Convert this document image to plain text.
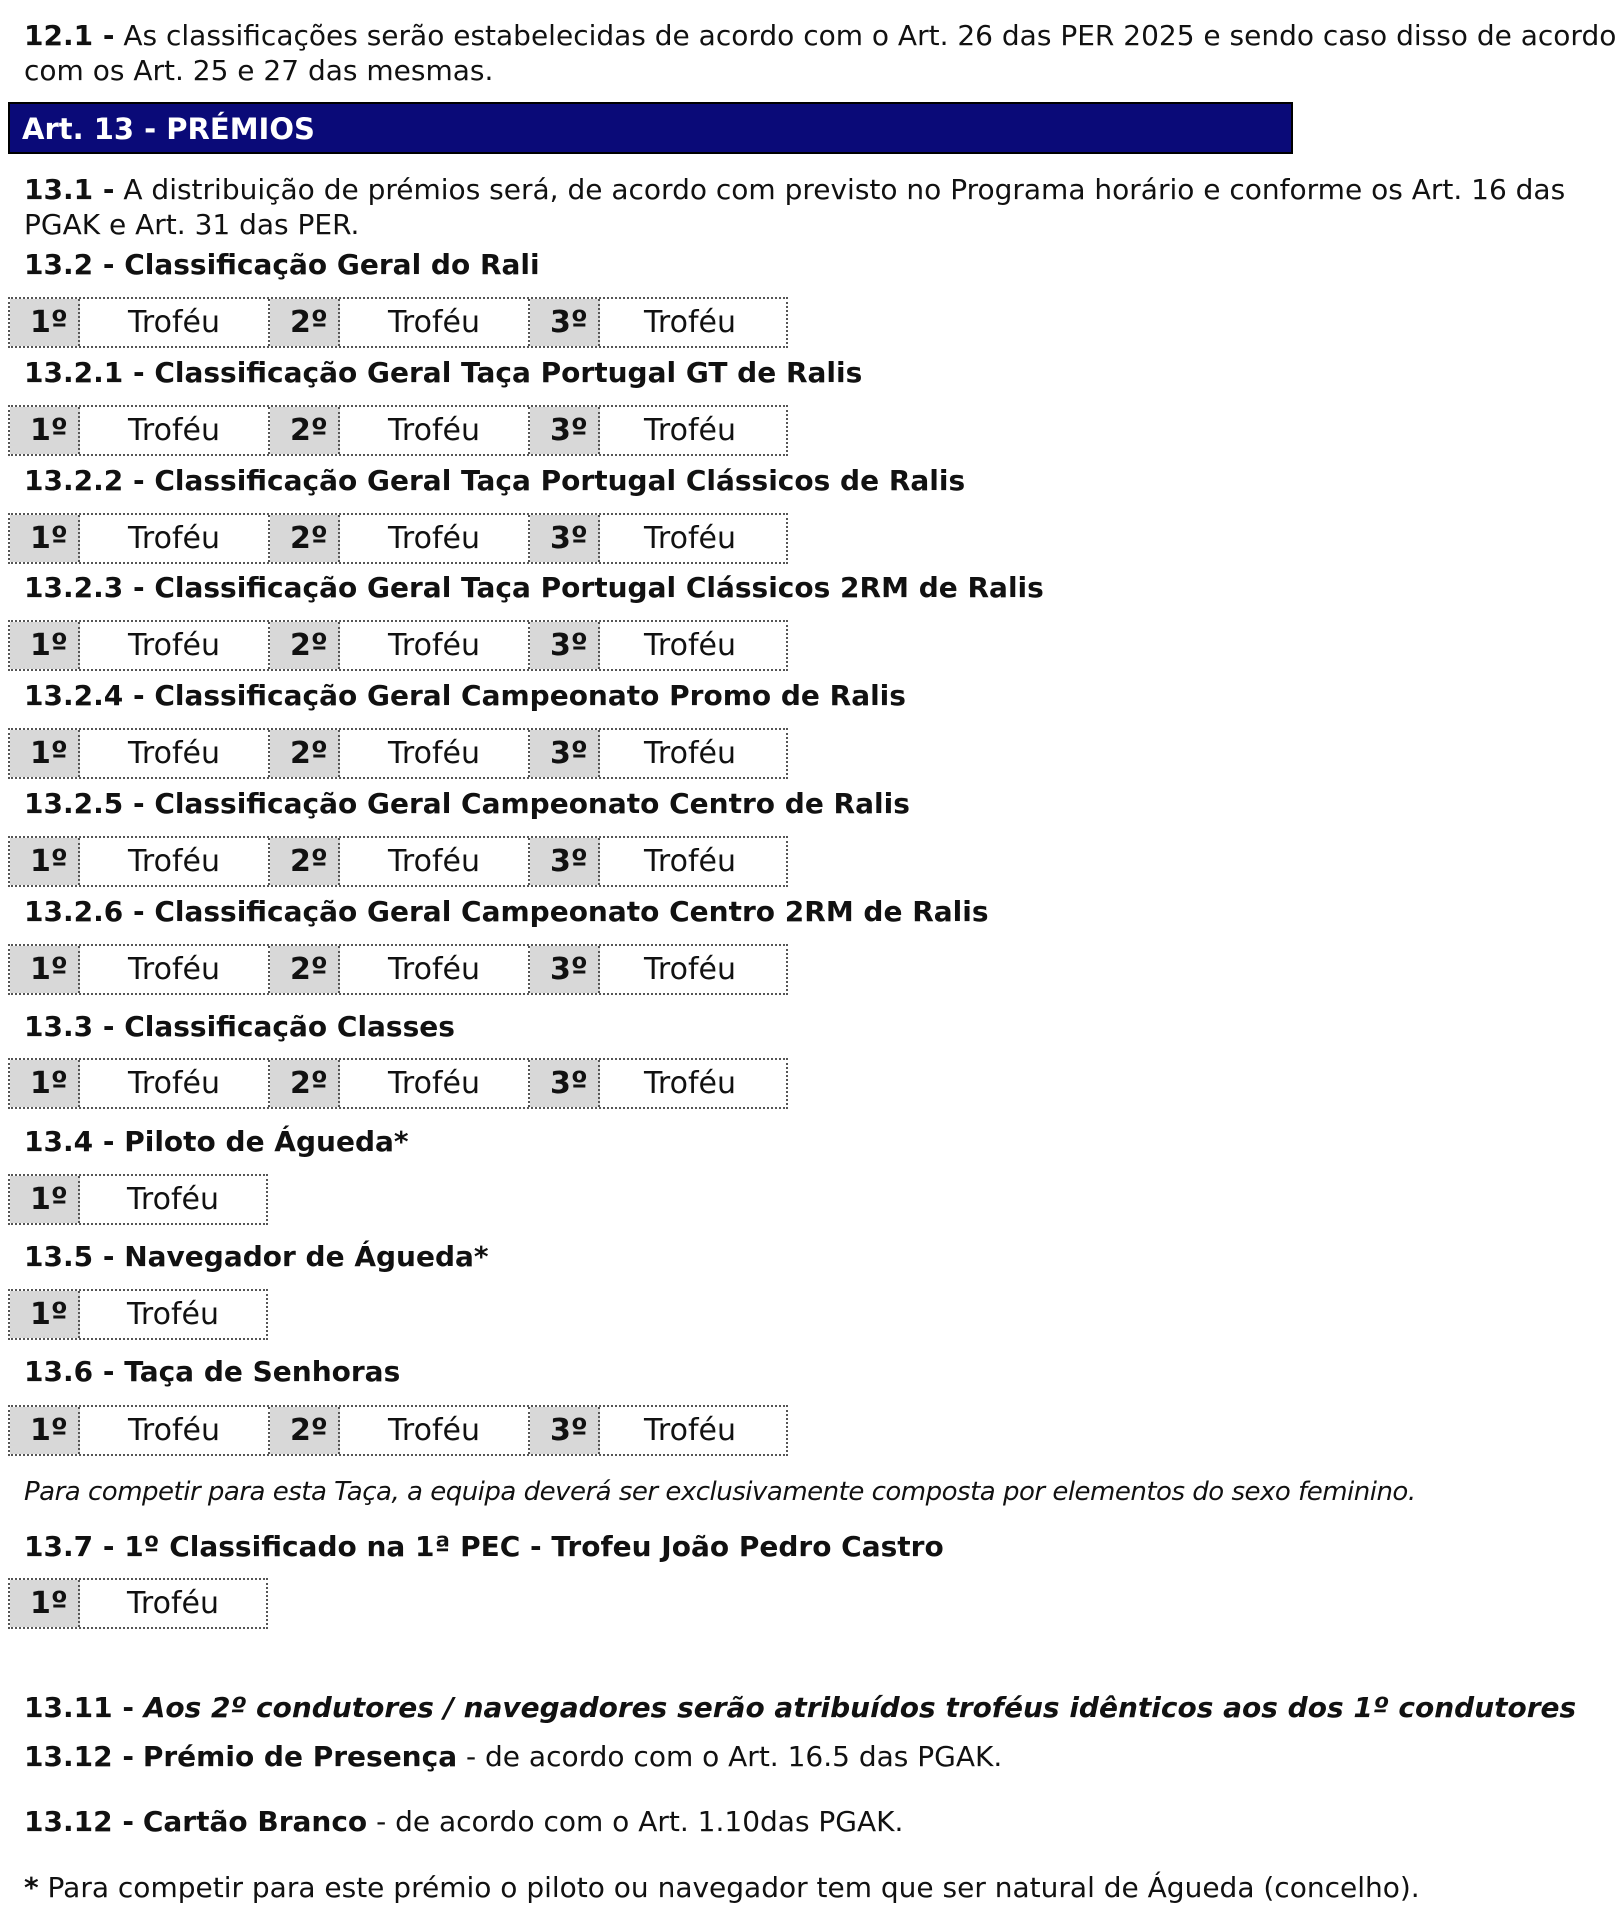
12.1 - As classificações serão estabelecidas de acordo com o Art. 26 das PER 2025 e sendo caso disso de acordo
com os Art. 25 e 27 das mesmas.
Art. 13 - PRÉMIOS
13.1 - A distribuição de prémios será, de acordo com previsto no Programa horário e conforme os Art. 16 das
PGAK e Art. 31 das PER.
13.2 - Classificação Geral do Rali
1º	Troféu	2º	Troféu	3º	Troféu
13.2.1 - Classificação Geral Taça Portugal GT de Ralis
1º	Troféu	2º	Troféu	3º	Troféu
13.2.2 - Classificação Geral Taça Portugal Clássicos de Ralis
1º	Troféu	2º	Troféu	3º	Troféu
13.2.3 - Classificação Geral Taça Portugal Clássicos 2RM de Ralis
1º	Troféu	2º	Troféu	3º	Troféu
13.2.4 - Classificação Geral Campeonato Promo de Ralis
1º	Troféu	2º	Troféu	3º	Troféu
13.2.5 - Classificação Geral Campeonato Centro de Ralis
1º	Troféu	2º	Troféu	3º	Troféu
13.2.6 - Classificação Geral Campeonato Centro 2RM de Ralis
1º	Troféu	2º	Troféu	3º	Troféu
13.3 - Classificação Classes
1º	Troféu	2º	Troféu	3º	Troféu
13.4 - Piloto de Águeda*
1º	Troféu
13.5 - Navegador de Águeda*
1º	Troféu
13.6 - Taça de Senhoras
1º	Troféu	2º	Troféu	3º	Troféu
13.7 - 1º Classificado na 1ª PEC - Trofeu João Pedro Castro
1º	Troféu
Para competir para esta Taça, a equipa deverá ser exclusivamente composta por elementos do sexo feminino.
13.11 - Aos 2º condutores / navegadores serão atribuídos troféus idênticos aos dos 1º condutores
13.12 - Prémio de Presença - de acordo com o Art. 16.5 das PGAK.
13.12 - Cartão Branco - de acordo com o Art. 1.10das PGAK.
* Para competir para este prémio o piloto ou navegador tem que ser natural de Águeda (concelho).
